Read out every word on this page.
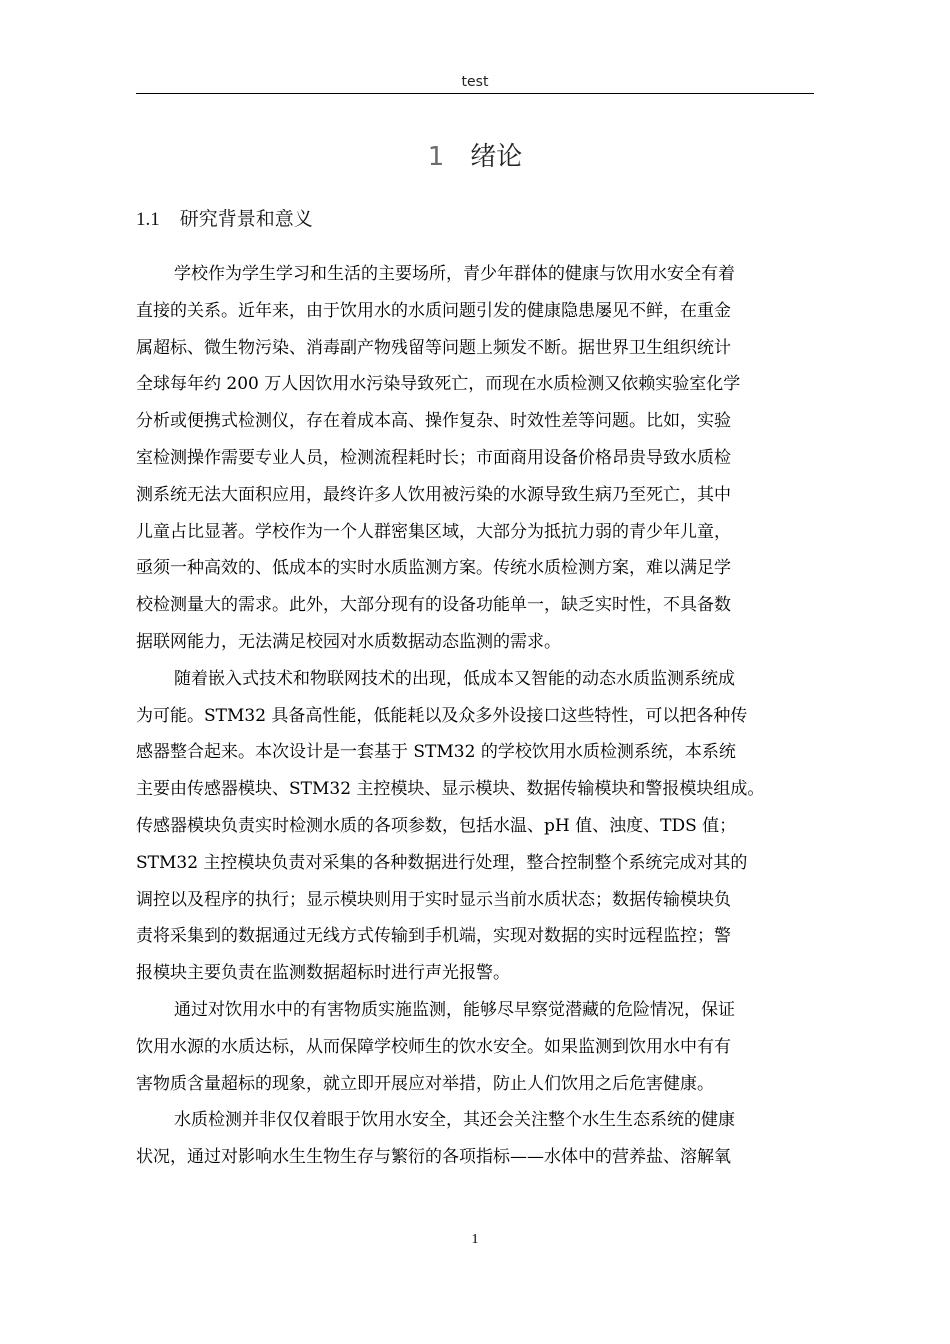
test
1 绪论
1.1 研究背景和意义
学校作为学生学习和生活的主要场所，青少年群体的健康与饮用水安全有着
直接的关系。近年来，由于饮用水的水质问题引发的健康隐患屡见不鲜，在重金
属超标、微生物污染、消毒副产物残留等问题上频发不断。据世界卫生组织统计
全球每年约 200 万人因饮用水污染导致死亡，而现在水质检测又依赖实验室化学
分析或便携式检测仪，存在着成本高、操作复杂、时效性差等问题。比如，实验
室检测操作需要专业人员，检测流程耗时长；市面商用设备价格昂贵导致水质检
测系统无法大面积应用，最终许多人饮用被污染的水源导致生病乃至死亡，其中
儿童占比显著。学校作为一个人群密集区域，大部分为抵抗力弱的青少年儿童，
亟须一种高效的、低成本的实时水质监测方案。传统水质检测方案，难以满足学
校检测量大的需求。此外，大部分现有的设备功能单一，缺乏实时性，不具备数
据联网能力，无法满足校园对水质数据动态监测的需求。
随着嵌入式技术和物联网技术的出现，低成本又智能的动态水质监测系统成
为可能。STM32 具备高性能，低能耗以及众多外设接口这些特性，可以把各种传
感器整合起来。本次设计是一套基于 STM32 的学校饮用水质检测系统，本系统
主要由传感器模块、STM32 主控模块、显示模块、数据传输模块和警报模块组成。
传感器模块负责实时检测水质的各项参数，包括水温、pH 值、浊度、TDS 值；
STM32 主控模块负责对采集的各种数据进行处理，整合控制整个系统完成对其的
调控以及程序的执行；显示模块则用于实时显示当前水质状态；数据传输模块负
责将采集到的数据通过无线方式传输到手机端，实现对数据的实时远程监控；警
报模块主要负责在监测数据超标时进行声光报警。
通过对饮用水中的有害物质实施监测，能够尽早察觉潜藏的危险情况，保证
饮用水源的水质达标，从而保障学校师生的饮水安全。如果监测到饮用水中有有
害物质含量超标的现象，就立即开展应对举措，防止人们饮用之后危害健康。
水质检测并非仅仅着眼于饮用水安全，其还会关注整个水生生态系统的健康
状况，通过对影响水生生物生存与繁衍的各项指标——水体中的营养盐、溶解氧
1
